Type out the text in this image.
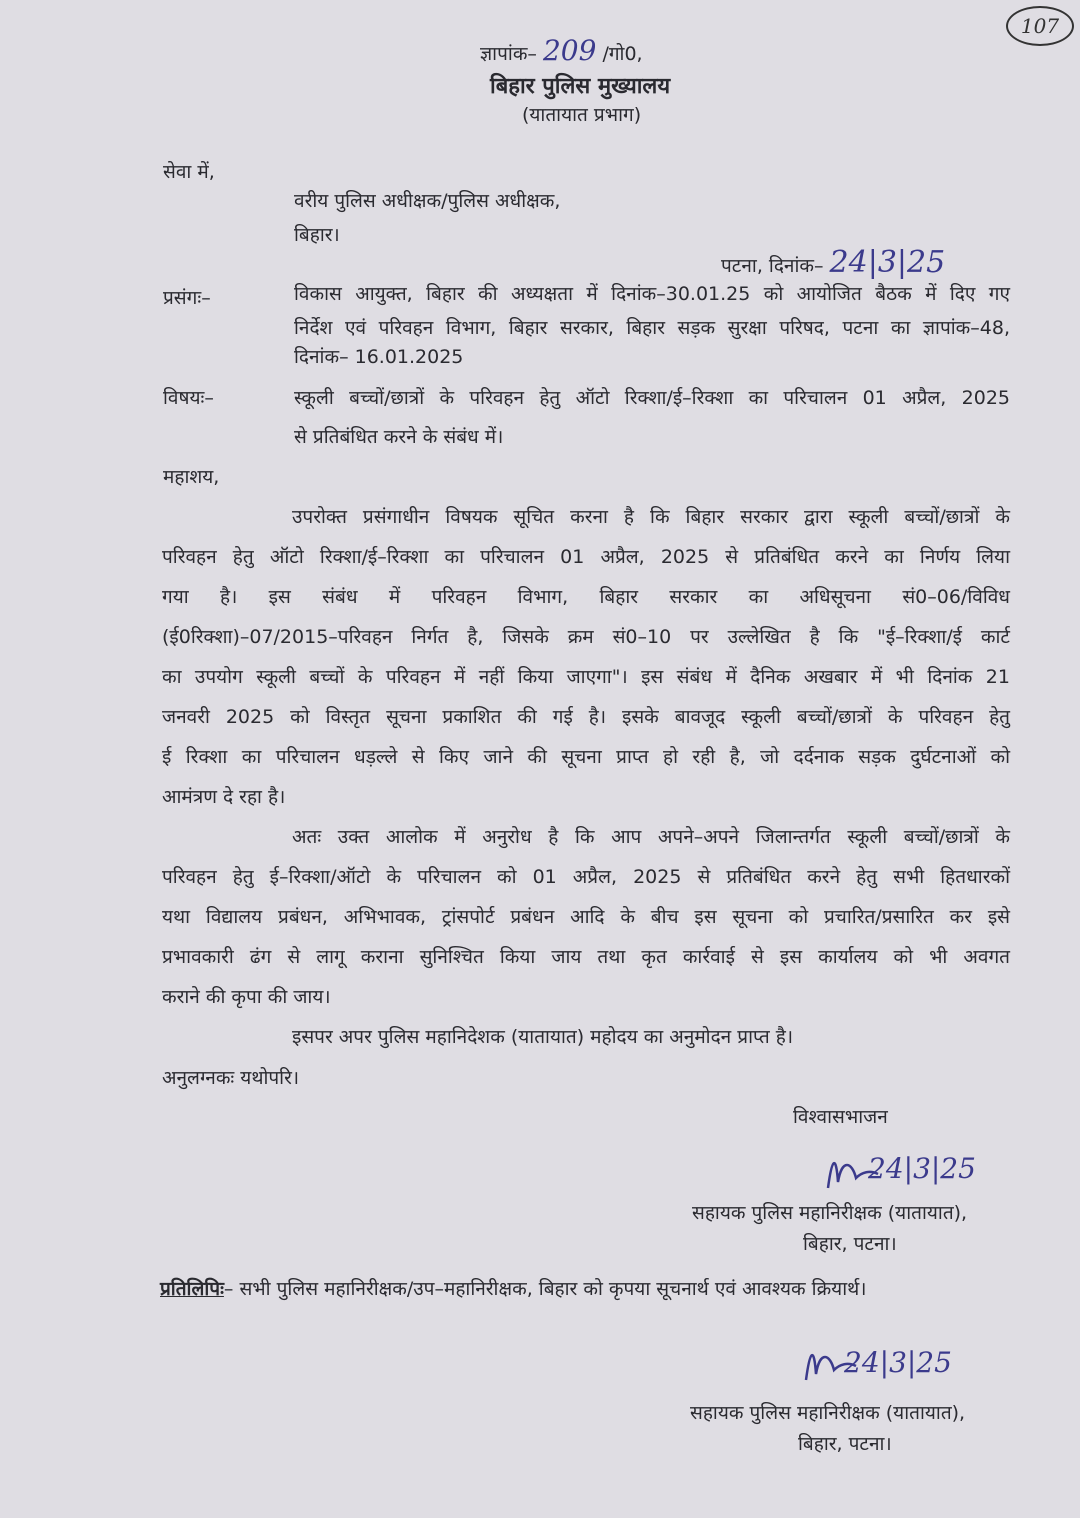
107
ज्ञापांक– 209 /गो0,
बिहार पुलिस मुख्यालय
(यातायात प्रभाग)
सेवा में,
वरीय पुलिस अधीक्षक/पुलिस अधीक्षक,
बिहार।
पटना, दिनांक– 24|3|25
प्रसंगः–	विकास आयुक्त, बिहार की अध्यक्षता में दिनांक–30.01.25 को आयोजित बैठक में दिए गए
निर्देश एवं परिवहन विभाग, बिहार सरकार, बिहार सड़क सुरक्षा परिषद, पटना का ज्ञापांक–48,
दिनांक– 16.01.2025
विषयः–	स्कूली बच्चों/छात्रों के परिवहन हेतु ऑटो रिक्शा/ई–रिक्शा का परिचालन 01 अप्रैल, 2025
से प्रतिबंधित करने के संबंध में।
महाशय,
उपरोक्त प्रसंगाधीन विषयक सूचित करना है कि बिहार सरकार द्वारा स्कूली बच्चों/छात्रों के
परिवहन हेतु ऑटो रिक्शा/ई–रिक्शा का परिचालन 01 अप्रैल, 2025 से प्रतिबंधित करने का निर्णय लिया
गया है। इस संबंध में परिवहन विभाग, बिहार सरकार का अधिसूचना सं0–06/विविध
(ई0रिक्शा)–07/2015–परिवहन निर्गत है, जिसके क्रम सं0–10 पर उल्लेखित है कि "ई–रिक्शा/ई कार्ट
का उपयोग स्कूली बच्चों के परिवहन में नहीं किया जाएगा"। इस संबंध में दैनिक अखबार में भी दिनांक 21
जनवरी 2025 को विस्तृत सूचना प्रकाशित की गई है। इसके बावजूद स्कूली बच्चों/छात्रों के परिवहन हेतु
ई रिक्शा का परिचालन धड़ल्ले से किए जाने की सूचना प्राप्त हो रही है, जो दर्दनाक सड़क दुर्घटनाओं को
आमंत्रण दे रहा है।
अतः उक्त आलोक में अनुरोध है कि आप अपने–अपने जिलान्तर्गत स्कूली बच्चों/छात्रों के
परिवहन हेतु ई–रिक्शा/ऑटो के परिचालन को 01 अप्रैल, 2025 से प्रतिबंधित करने हेतु सभी हितधारकों
यथा विद्यालय प्रबंधन, अभिभावक, ट्रांसपोर्ट प्रबंधन आदि के बीच इस सूचना को प्रचारित/प्रसारित कर इसे
प्रभावकारी ढंग से लागू कराना सुनिश्चित किया जाय तथा कृत कार्रवाई से इस कार्यालय को भी अवगत
कराने की कृपा की जाय।
इसपर अपर पुलिस महानिदेशक (यातायात) महोदय का अनुमोदन प्राप्त है।
अनुलग्नकः यथोपरि।
विश्वासभाजन
24|3|25
सहायक पुलिस महानिरीक्षक (यातायात),
बिहार, पटना।
प्रतिलिपिः– सभी पुलिस महानिरीक्षक/उप–महानिरीक्षक, बिहार को कृपया सूचनार्थ एवं आवश्यक क्रियार्थ।
24|3|25
सहायक पुलिस महानिरीक्षक (यातायात),
बिहार, पटना।
